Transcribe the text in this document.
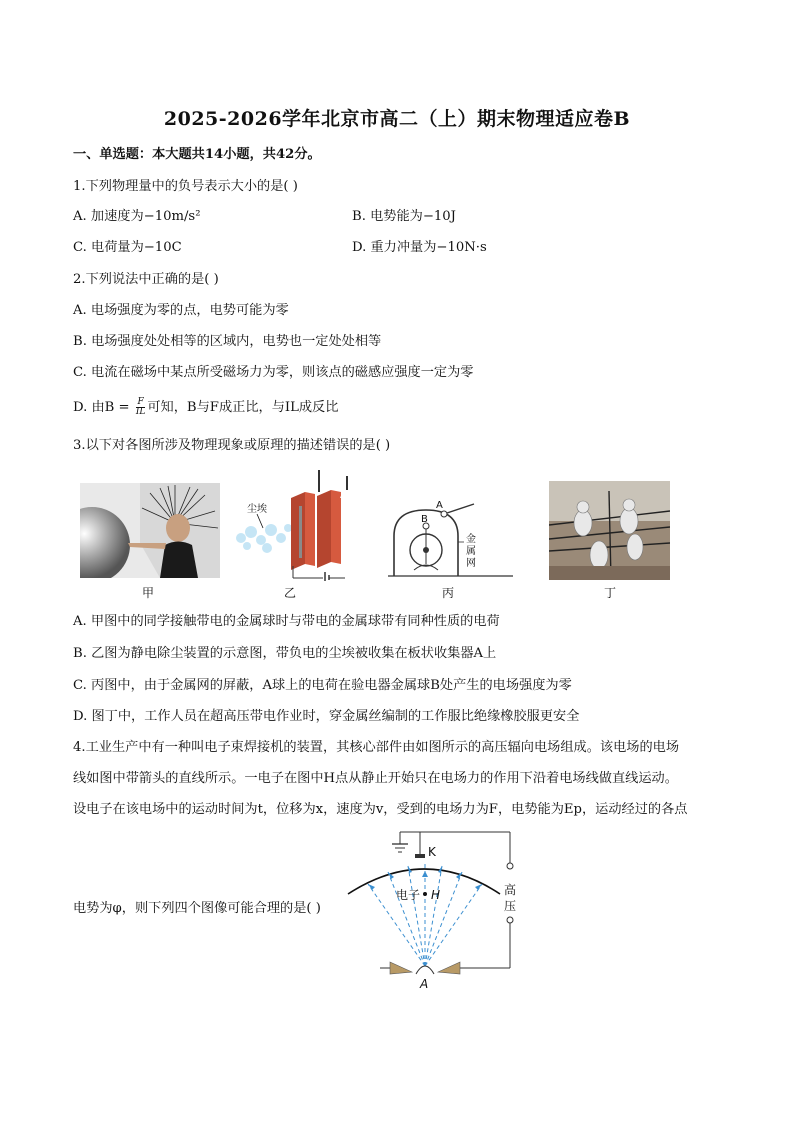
2025-2026学年北京市高二（上）期末物理适应卷B
一、单选题：本大题共14小题，共42分。
1.下列物理量中的负号表示大小的是( )
A. 加速度为−10m/s²	B. 电势能为−10J
C. 电荷量为−10C	D. 重力冲量为−10N·s
2.下列说法中正确的是( )
A. 电场强度为零的点，电势可能为零
B. 电场强度处处相等的区域内，电势也一定处处相等
C. 电流在磁场中某点所受磁场力为零，则该点的磁感应强度一定为零
D. 由$B = \frac{F}{IL}$ 可知，B与F成正比，与IL成反比
3.以下对各图所涉及物理现象或原理的描述错误的是( )
甲
尘埃
A
A
乙
B
A
金
属
网
丙	丁
A. 甲图中的同学接触带电的金属球时与带电的金属球带有同种性质的电荷
B. 乙图为静电除尘装置的示意图，带负电的尘埃被收集在板状收集器A上
C. 丙图中，由于金属网的屏蔽，A球上的电荷在验电器金属球B处产生的电场强度为零
D. 图丁中，工作人员在超高压带电作业时，穿金属丝编制的工作服比绝缘橡胶服更安全
4.工业生产中有一种叫电子束焊接机的装置，其核心部件由如图所示的高压辐向电场组成。该电场的电场
线如图中带箭头的直线所示。一电子在图中H点从静止开始只在电场力的作用下沿着电场线做直线运动。
设电子在该电场中的运动时间为t，位移为x，速度为v，受到的电场力为F，电势能为Ep，运动经过的各点
电势为φ，则下列四个图像可能合理的是( )
K
电子 H	高
压
A
